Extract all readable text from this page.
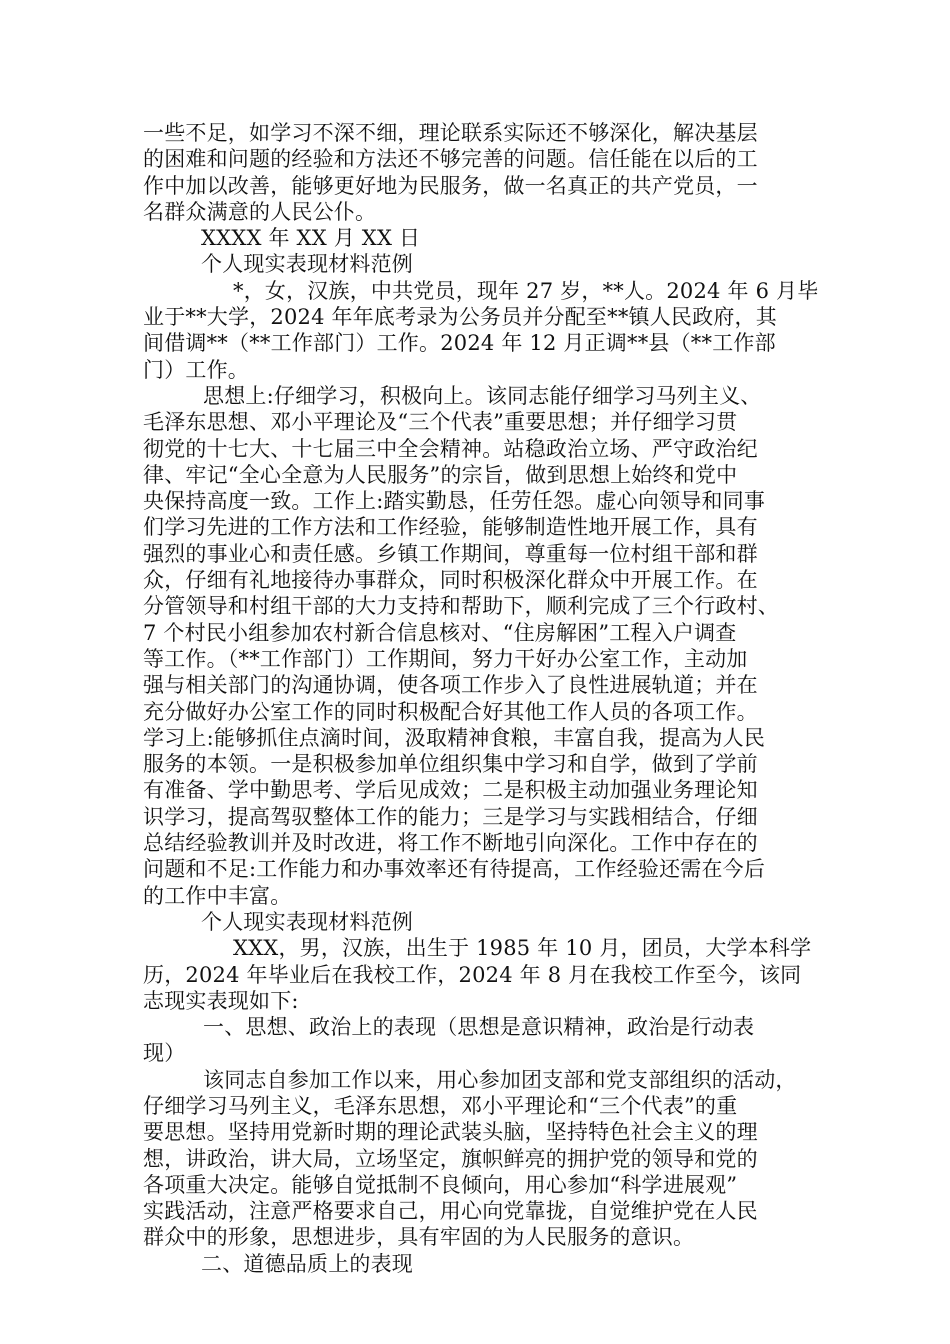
一些不足，如学习不深不细，理论联系实际还不够深化，解决基层
的困难和问题的经验和方法还不够完善的问题。信任能在以后的工
作中加以改善，能够更好地为民服务，做一名真正的共产党员，一
名群众满意的人民公仆。
XXXX 年 XX 月 XX 日
个人现实表现材料范例
*，女，汉族，中共党员，现年 27 岁，**人。2024 年 6 月毕
业于**大学，2024 年年底考录为公务员并分配至**镇人民政府，其
间借调**（**工作部门）工作。2024 年 12 月正调**县（**工作部
门）工作。
思想上:仔细学习，积极向上。该同志能仔细学习马列主义、
毛泽东思想、邓小平理论及“三个代表”重要思想；并仔细学习贯
彻党的十七大、十七届三中全会精神。站稳政治立场、严守政治纪
律、牢记“全心全意为人民服务”的宗旨，做到思想上始终和党中
央保持高度一致。工作上:踏实勤恳，任劳任怨。虚心向领导和同事
们学习先进的工作方法和工作经验，能够制造性地开展工作，具有
强烈的事业心和责任感。乡镇工作期间，尊重每一位村组干部和群
众，仔细有礼地接待办事群众，同时积极深化群众中开展工作。在
分管领导和村组干部的大力支持和帮助下，顺利完成了三个行政村、
7 个村民小组参加农村新合信息核对、“住房解困”工程入户调查
等工作。（**工作部门）工作期间，努力干好办公室工作，主动加
强与相关部门的沟通协调，使各项工作步入了良性进展轨道；并在
充分做好办公室工作的同时积极配合好其他工作人员的各项工作。
学习上:能够抓住点滴时间，汲取精神食粮，丰富自我，提高为人民
服务的本领。一是积极参加单位组织集中学习和自学，做到了学前
有准备、学中勤思考、学后见成效；二是积极主动加强业务理论知
识学习，提高驾驭整体工作的能力；三是学习与实践相结合，仔细
总结经验教训并及时改进，将工作不断地引向深化。工作中存在的
问题和不足:工作能力和办事效率还有待提高，工作经验还需在今后
的工作中丰富。
个人现实表现材料范例
XXX，男，汉族，出生于 1985 年 10 月，团员，大学本科学
历，2024 年毕业后在我校工作，2024 年 8 月在我校工作至今，该同
志现实表现如下:
一、思想、政治上的表现（思想是意识精神，政治是行动表
现）
该同志自参加工作以来，用心参加团支部和党支部组织的活动，
仔细学习马列主义，毛泽东思想，邓小平理论和“三个代表”的重
要思想。坚持用党新时期的理论武装头脑，坚持特色社会主义的理
想，讲政治，讲大局，立场坚定，旗帜鲜亮的拥护党的领导和党的
各项重大决定。能够自觉抵制不良倾向，用心参加“科学进展观”
实践活动，注意严格要求自己，用心向党靠拢，自觉维护党在人民
群众中的形象，思想进步，具有牢固的为人民服务的意识。
二、道德品质上的表现
